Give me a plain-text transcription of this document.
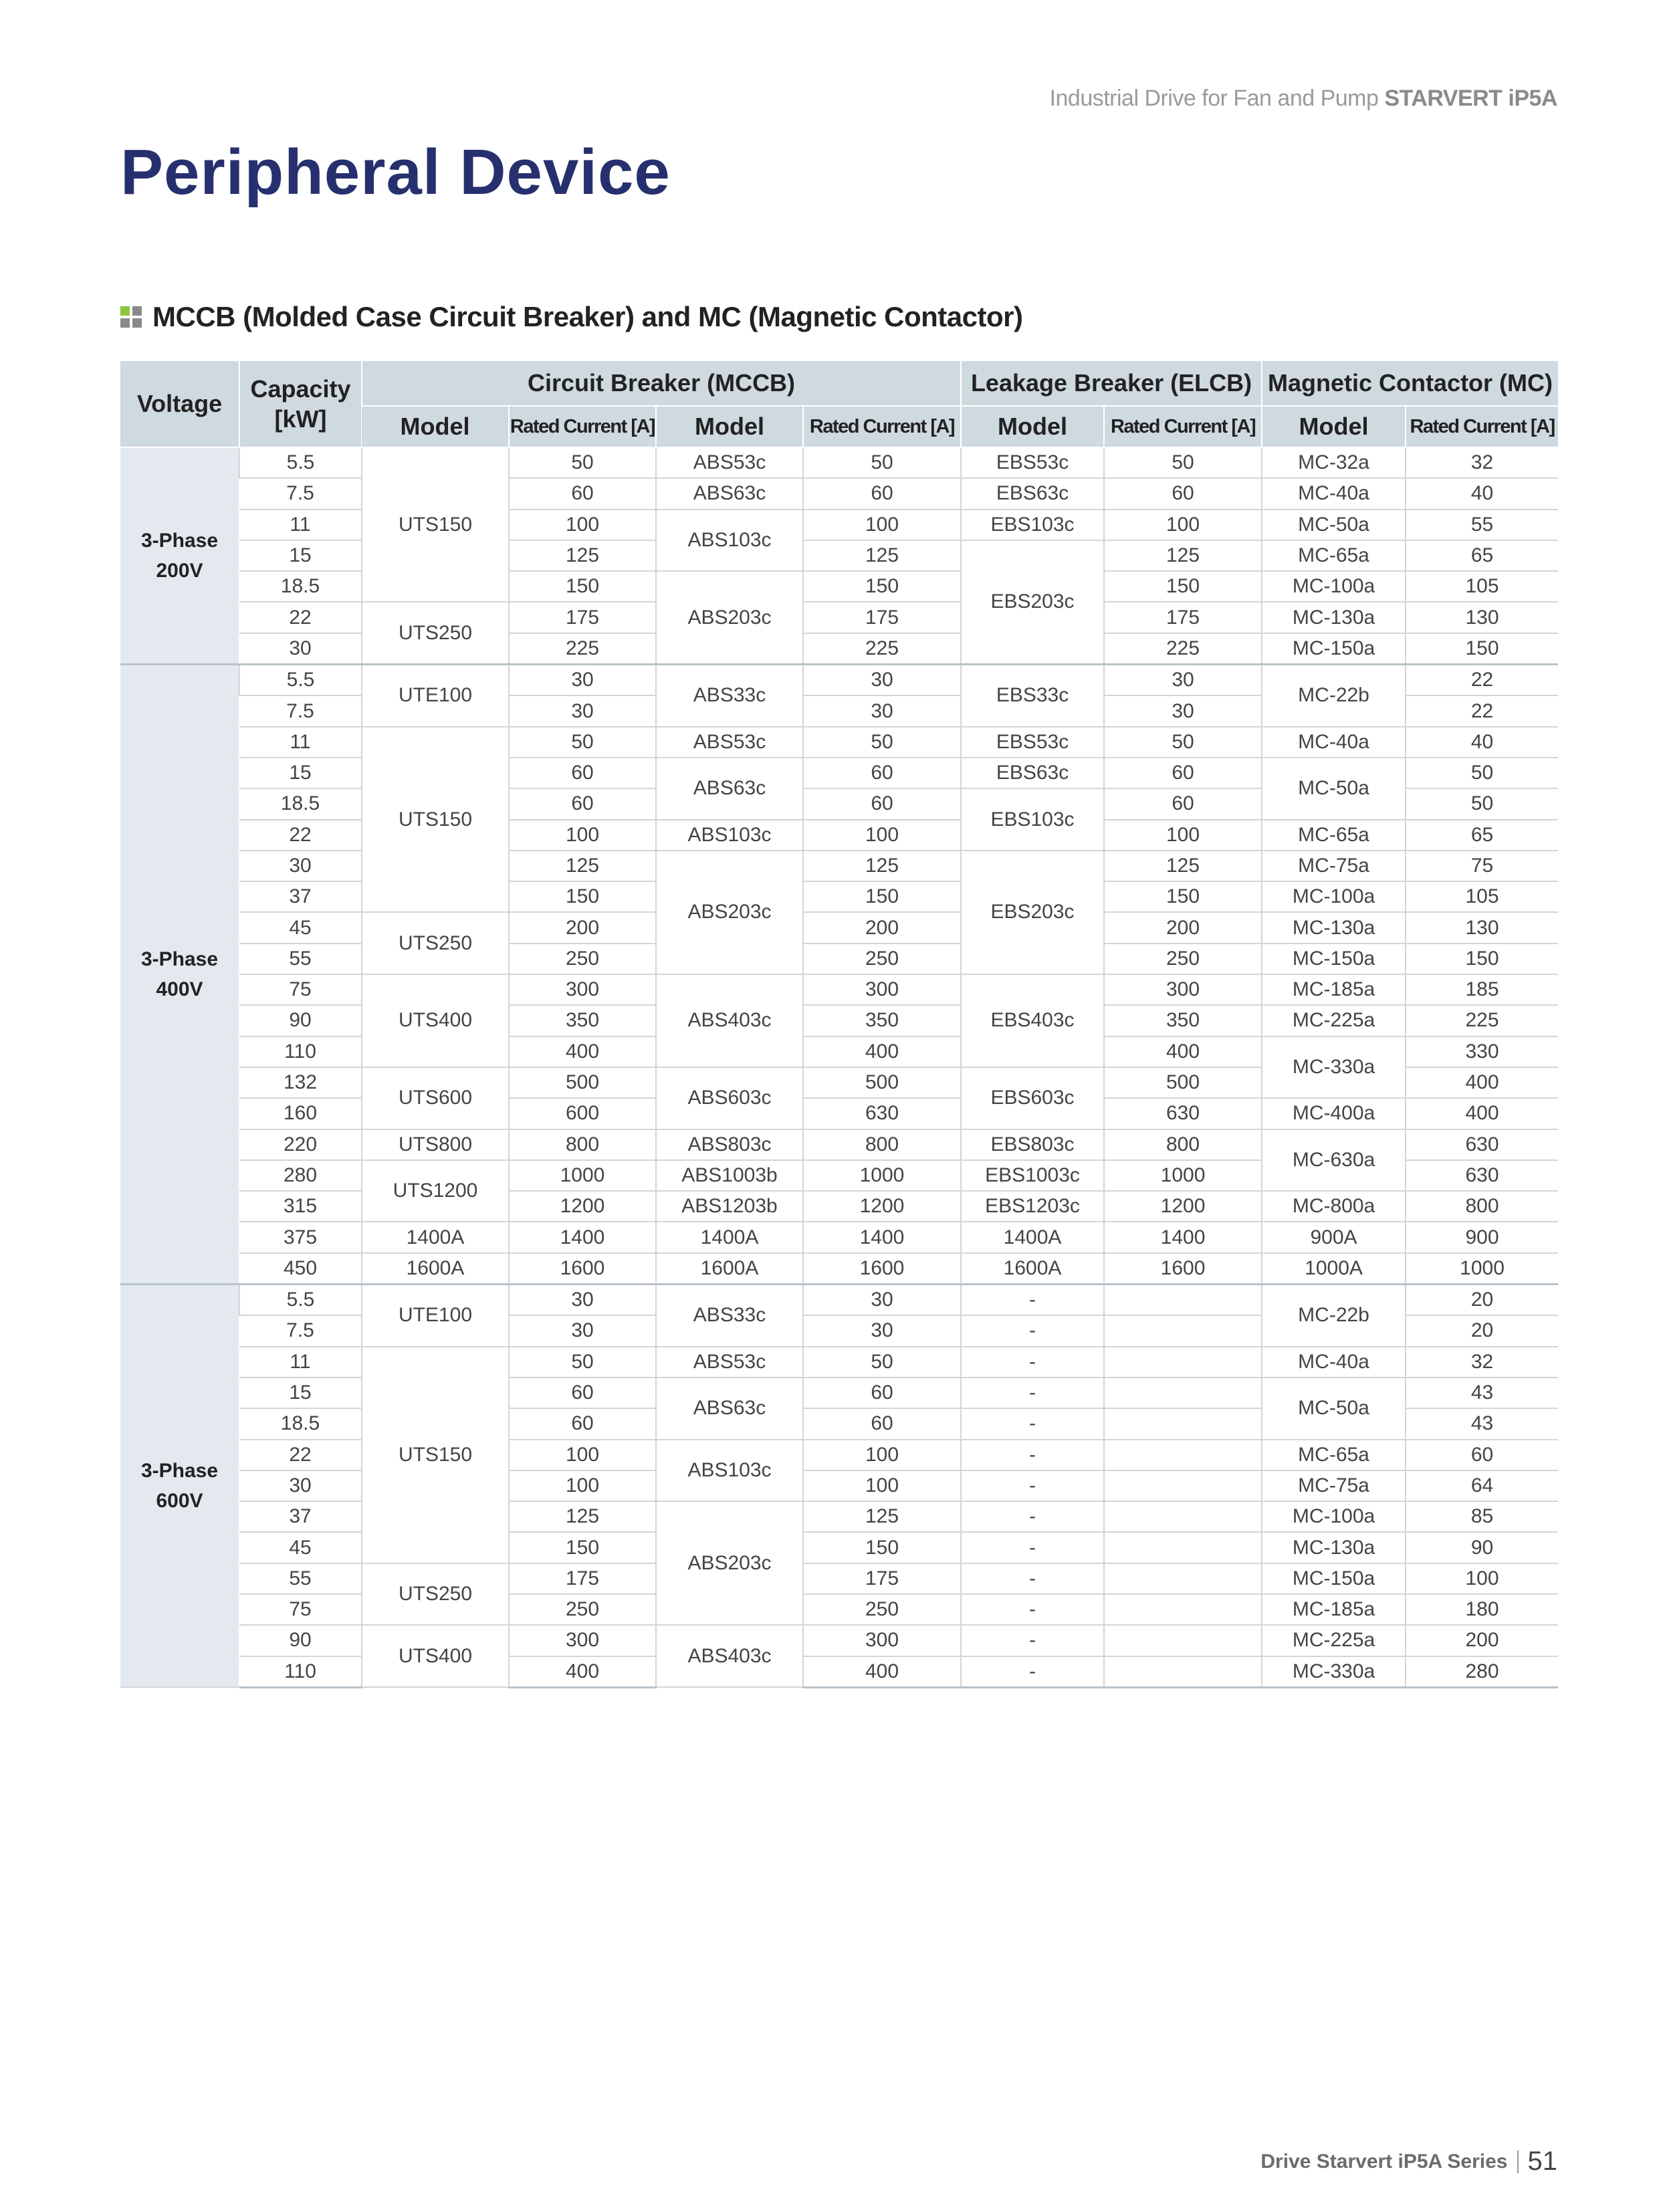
Industrial Drive for Fan and Pump STARVERT iP5A
Peripheral Device
MCCB (Molded Case Circuit Breaker) and MC (Magnetic Contactor)
Voltage	Capacity [kW]	Circuit Breaker (MCCB)				Leakage Breaker (ELCB)		Magnetic Contactor (MC)	
		Model	Rated Current [A]	Model	Rated Current [A]	Model	Rated Current [A]	Model	Rated Current [A]
3-Phase
200V	5.5	UTS150	50	ABS53c	50	EBS53c	50	MC-32a	32
	7.5		60	ABS63c	60	EBS63c	60	MC-40a	40
	11		100	ABS103c	100	EBS103c	100	MC-50a	55
	15		125		125	EBS203c	125	MC-65a	65
	18.5		150	ABS203c	150		150	MC-100a	105
	22	UTS250	175		175		175	MC-130a	130
	30		225		225		225	MC-150a	150
3-Phase
400V	5.5	UTE100	30	ABS33c	30	EBS33c	30	MC-22b	22
	7.5		30		30		30		22
	11	UTS150	50	ABS53c	50	EBS53c	50	MC-40a	40
	15		60	ABS63c	60	EBS63c	60	MC-50a	50
	18.5		60		60	EBS103c	60		50
	22		100	ABS103c	100		100	MC-65a	65
	30		125	ABS203c	125	EBS203c	125	MC-75a	75
	37		150		150		150	MC-100a	105
	45	UTS250	200		200		200	MC-130a	130
	55		250		250		250	MC-150a	150
	75	UTS400	300	ABS403c	300	EBS403c	300	MC-185a	185
	90		350		350		350	MC-225a	225
	110		400		400		400	MC-330a	330
	132	UTS600	500	ABS603c	500	EBS603c	500		400
	160		600		630		630	MC-400a	400
	220	UTS800	800	ABS803c	800	EBS803c	800	MC-630a	630
	280	UTS1200	1000	ABS1003b	1000	EBS1003c	1000		630
	315		1200	ABS1203b	1200	EBS1203c	1200	MC-800a	800
	375	1400A	1400	1400A	1400	1400A	1400	900A	900
	450	1600A	1600	1600A	1600	1600A	1600	1000A	1000
3-Phase
600V	5.5	UTE100	30	ABS33c	30	-		MC-22b	20
	7.5		30		30	-			20
	11	UTS150	50	ABS53c	50	-		MC-40a	32
	15		60	ABS63c	60	-		MC-50a	43
	18.5		60		60	-			43
	22		100	ABS103c	100	-		MC-65a	60
	30		100		100	-		MC-75a	64
	37		125	ABS203c	125	-		MC-100a	85
	45		150		150	-		MC-130a	90
	55	UTS250	175		175	-		MC-150a	100
	75		250		250	-		MC-185a	180
	90	UTS400	300	ABS403c	300	-		MC-225a	200
	110		400		400	-		MC-330a	280
Drive Starvert iP5A Series 51
